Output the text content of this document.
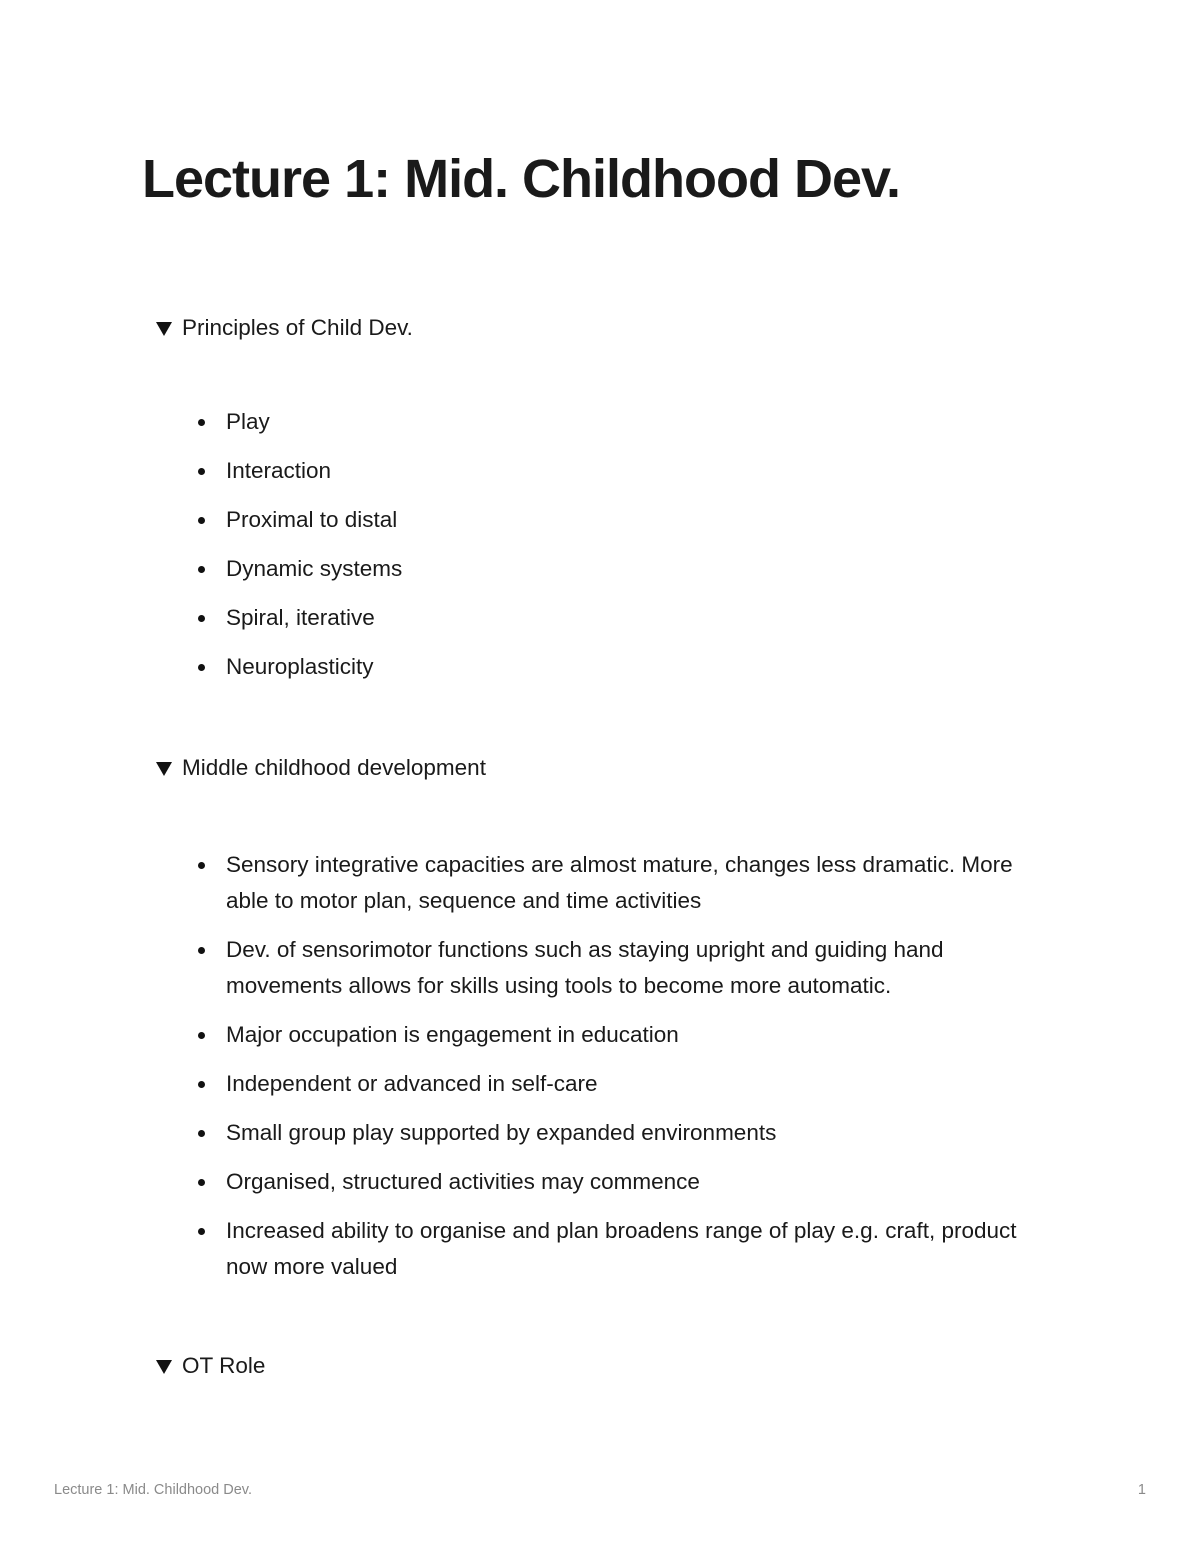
Lecture 1: Mid. Childhood Dev.
Principles of Child Dev.
Play
Interaction
Proximal to distal
Dynamic systems
Spiral, iterative
Neuroplasticity
Middle childhood development
Sensory integrative capacities are almost mature, changes less dramatic. More able to motor plan, sequence and time activities
Dev. of sensorimotor functions such as staying upright and guiding hand movements allows for skills using tools to become more automatic.
Major occupation is engagement in education
Independent or advanced in self-care
Small group play supported by expanded environments
Organised, structured activities may commence
Increased ability to organise and plan broadens range of play e.g. craft, product now more valued
OT Role
Lecture 1: Mid. Childhood Dev.	1
